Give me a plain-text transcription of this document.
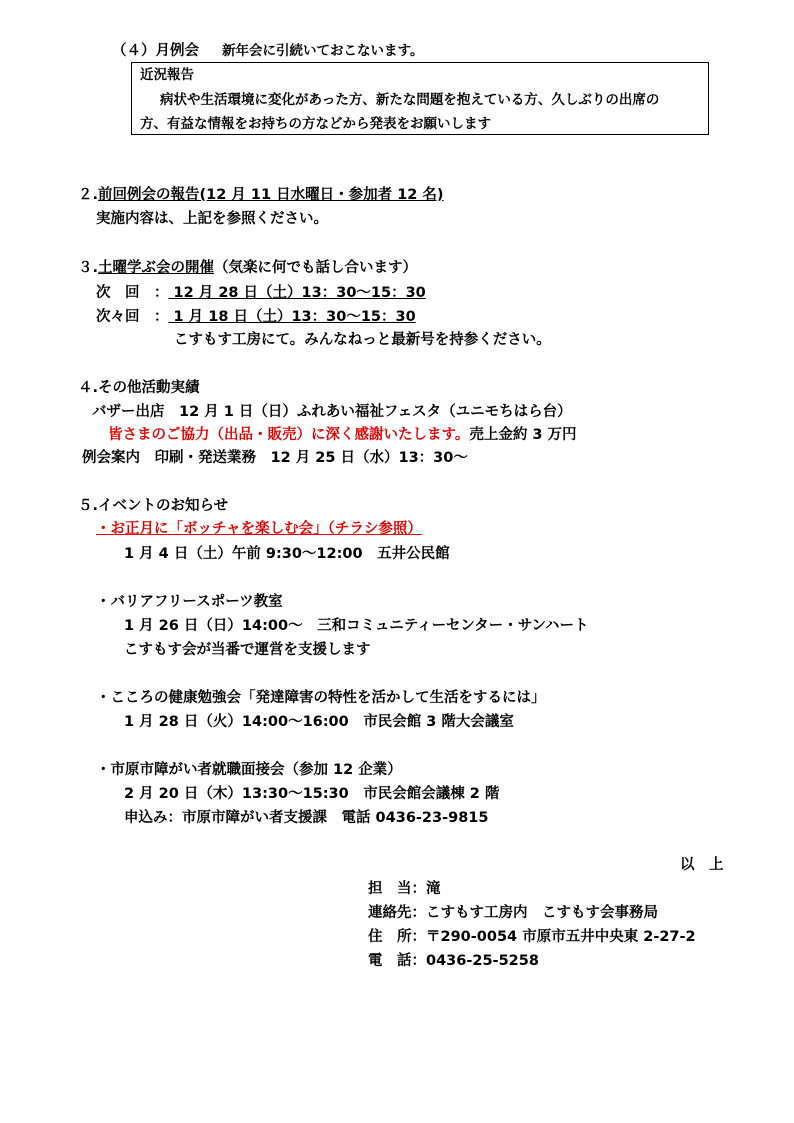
（４）月例会 新年会に引続いておこないます。
近況報告
病状や生活環境に変化があった方、新たな問題を抱えている方、久しぶりの出席の
方、有益な情報をお持ちの方などから発表をお願いします
２.前回例会の報告(12 月 11 日水曜日・参加者 12 名)
実施内容は、上記を参照ください。
３.土曜学ぶ会の開催（気楽に何でも話し合います）
次　回　： 12 月 28 日（土）13：30～15：30
次々回　： 1 月 18 日（土）13：30～15：30
こすもす工房にて。みんなねっと最新号を持参ください。
４.その他活動実績
バザー出店　12 月 1 日（日）ふれあい福祉フェスタ（ユニモちはら台）
皆さまのご協力（出品・販売）に深く感謝いたします。売上金約 3 万円
例会案内　印刷・発送業務　12 月 25 日（水）13：30～
５.イベントのお知らせ
・お正月に「ボッチャを楽しむ会」（チラシ参照）
1 月 4 日（土）午前 9:30～12:00　五井公民館
・バリアフリースポーツ教室
1 月 26 日（日）14:00～　三和コミュニティーセンター・サンハート
こすもす会が当番で運営を支援します
・こころの健康勉強会「発達障害の特性を活かして生活をするには」
1 月 28 日（火）14:00～16:00　市民会館 3 階大会議室
・市原市障がい者就職面接会（参加 12 企業）
2 月 20 日（木）13:30～15:30　市民会館会議棟 2 階
申込み：市原市障がい者支援課　電話 0436-23-9815
以　上
担　当：滝
連絡先：こすもす工房内　こすもす会事務局
住　所：〒290-0054 市原市五井中央東 2-27-2
電　話：0436-25-5258
